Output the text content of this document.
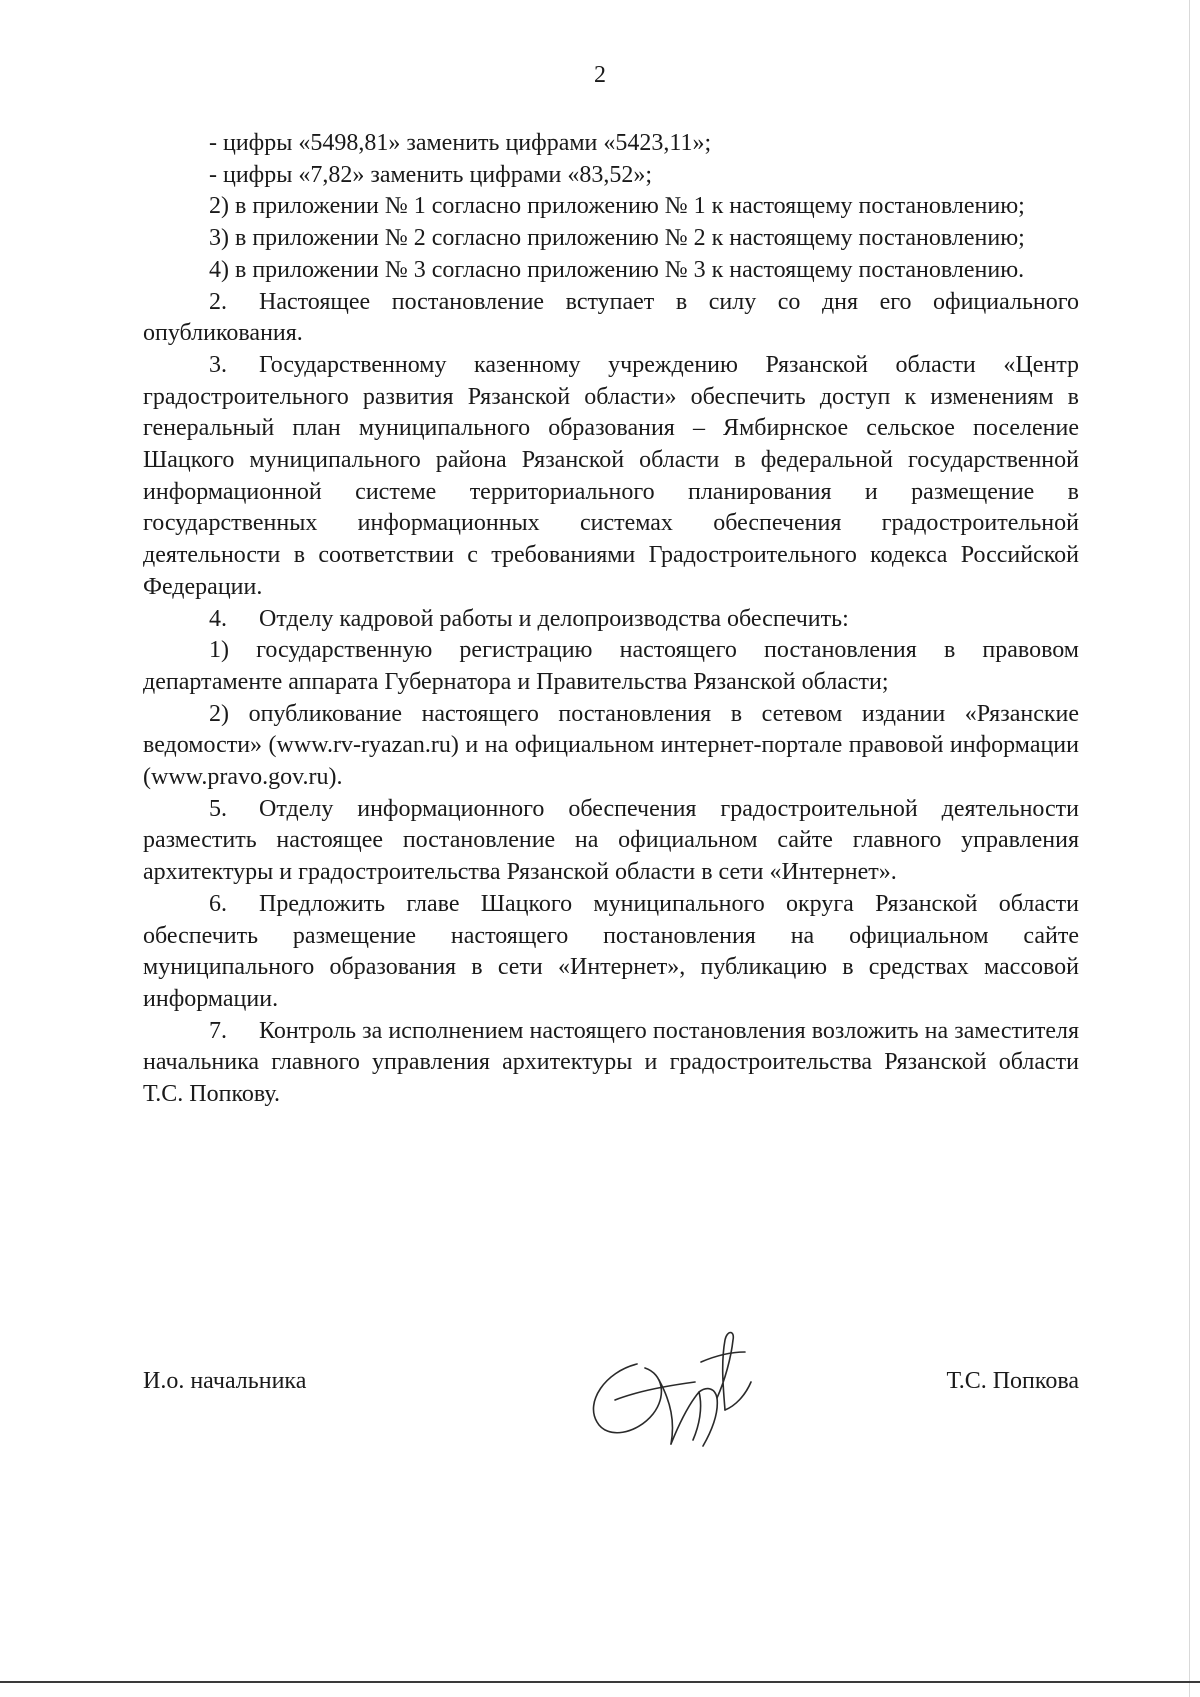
2

- цифры «5498,81» заменить цифрами «5423,11»;

- цифры «7,82» заменить цифрами «83,52»;

2) в приложении № 1 согласно приложению № 1 к настоящему постановлению;

3) в приложении № 2 согласно приложению № 2 к настоящему постановлению;

4) в приложении № 3 согласно приложению № 3 к настоящему постановлению.

2. Настоящее постановление вступает в силу со дня его официального опубликования.

3. Государственному казенному учреждению Рязанской области «Центр градостроительного развития Рязанской области» обеспечить доступ к изменениям в генеральный план муниципального образования – Ямбирнское сельское поселение Шацкого муниципального района Рязанской области в федеральной государственной информационной системе территориального планирования и размещение в государственных информационных системах обеспечения градостроительной деятельности в соответствии с требованиями Градостроительного кодекса Российской Федерации.

4. Отделу кадровой работы и делопроизводства обеспечить:

1) государственную регистрацию настоящего постановления в правовом департаменте аппарата Губернатора и Правительства Рязанской области;

2) опубликование настоящего постановления в сетевом издании «Рязанские ведомости» (www.rv-ryazan.ru) и на официальном интернет-портале правовой информации (www.pravo.gov.ru).

5. Отделу информационного обеспечения градостроительной деятельности разместить настоящее постановление на официальном сайте главного управления архитектуры и градостроительства Рязанской области в сети «Интернет».

6. Предложить главе Шацкого муниципального округа Рязанской области обеспечить размещение настоящего постановления на официальном сайте муниципального образования в сети «Интернет», публикацию в средствах массовой информации.

7. Контроль за исполнением настоящего постановления возложить на заместителя начальника главного управления архитектуры и градостроительства Рязанской области Т.С. Попкову.

И.о. начальника	Т.С. Попкова
